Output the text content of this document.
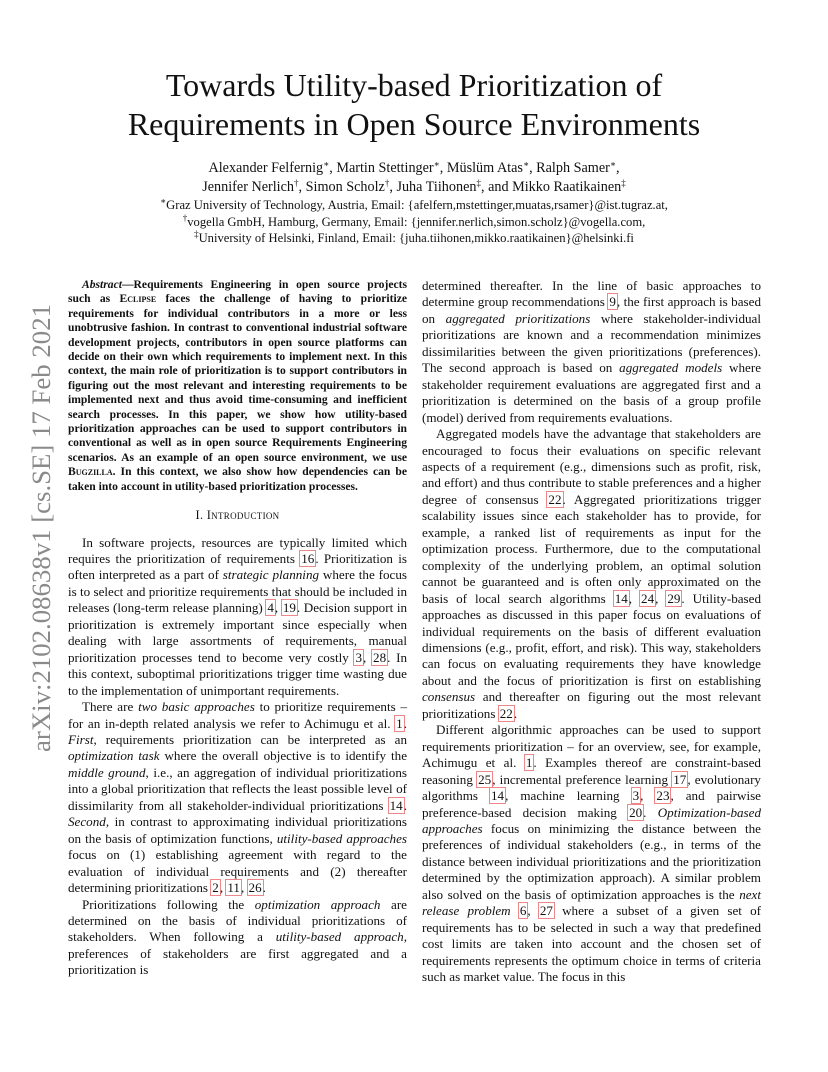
arXiv:2102.08638v1 [cs.SE] 17 Feb 2021
Towards Utility-based Prioritization of
Requirements in Open Source Environments
Alexander Felfernig∗, Martin Stettinger∗, Müslüm Atas∗, Ralph Samer∗,
Jennifer Nerlich†, Simon Scholz†, Juha Tiihonen‡, and Mikko Raatikainen‡
∗Graz University of Technology, Austria, Email: {afelfern,mstettinger,muatas,rsamer}@ist.tugraz.at,
†vogella GmbH, Hamburg, Germany, Email: {jennifer.nerlich,simon.scholz}@vogella.com,
‡University of Helsinki, Finland, Email: {juha.tiihonen,mikko.raatikainen}@helsinki.fi

Abstract—Requirements Engineering in open source projects such as Eclipse faces the challenge of having to prioritize requirements for individual contributors in a more or less unobtrusive fashion. In contrast to conventional industrial software development projects, contributors in open source platforms can decide on their own which requirements to implement next. In this context, the main role of prioritization is to support contributors in figuring out the most relevant and interesting requirements to be implemented next and thus avoid time-consuming and inefficient search processes. In this paper, we show how utility-based prioritization approaches can be used to support contributors in conventional as well as in open source Requirements Engineering scenarios. As an example of an open source environment, we use Bugzilla. In this context, we also show how dependencies can be taken into account in utility-based prioritization processes.

I. Introduction

In software projects, resources are typically limited which requires the prioritization of requirements 16. Prioritization is often interpreted as a part of strategic planning where the focus is to select and prioritize requirements that should be included in releases (long-term release planning) 4, 19. Decision support in prioritization is extremely important since especially when dealing with large assortments of requirements, manual prioritization processes tend to become very costly 3, 28. In this context, suboptimal prioritizations trigger time wasting due to the implementation of unimportant requirements.

There are two basic approaches to prioritize requirements – for an in-depth related analysis we refer to Achimugu et al. 1. First, requirements prioritization can be interpreted as an optimization task where the overall objective is to identify the middle ground, i.e., an aggregation of individual prioritizations into a global prioritization that reflects the least possible level of dissimilarity from all stakeholder-individual prioritizations 14. Second, in contrast to approximating individual prioritizations on the basis of optimization functions, utility-based approaches focus on (1) establishing agreement with regard to the evaluation of individual requirements and (2) thereafter determining prioritizations 2, 11, 26.

Prioritizations following the optimization approach are determined on the basis of individual prioritizations of stakeholders. When following a utility-based approach, preferences of stakeholders are first aggregated and a prioritization is

determined thereafter. In the line of basic approaches to determine group recommendations 9, the first approach is based on aggregated prioritizations where stakeholder-individual prioritizations are known and a recommendation minimizes dissimilarities between the given prioritizations (preferences). The second approach is based on aggregated models where stakeholder requirement evaluations are aggregated first and a prioritization is determined on the basis of a group profile (model) derived from requirements evaluations.

Aggregated models have the advantage that stakeholders are encouraged to focus their evaluations on specific relevant aspects of a requirement (e.g., dimensions such as profit, risk, and effort) and thus contribute to stable preferences and a higher degree of consensus 22. Aggregated prioritizations trigger scalability issues since each stakeholder has to provide, for example, a ranked list of requirements as input for the optimization process. Furthermore, due to the computational complexity of the underlying problem, an optimal solution cannot be guaranteed and is often only approximated on the basis of local search algorithms 14, 24, 29. Utility-based approaches as discussed in this paper focus on evaluations of individual requirements on the basis of different evaluation dimensions (e.g., profit, effort, and risk). This way, stakeholders can focus on evaluating requirements they have knowledge about and the focus of prioritization is first on establishing consensus and thereafter on figuring out the most relevant prioritizations 22.

Different algorithmic approaches can be used to support requirements prioritization – for an overview, see, for example, Achimugu et al. 1. Examples thereof are constraint-based reasoning 25, incremental preference learning 17, evolutionary algorithms 14, machine learning 3, 23, and pairwise preference-based decision making 20. Optimization-based approaches focus on minimizing the distance between the preferences of individual stakeholders (e.g., in terms of the distance between individual prioritizations and the prioritization determined by the optimization approach). A similar problem also solved on the basis of optimization approaches is the next release problem 6, 27 where a subset of a given set of requirements has to be selected in such a way that predefined cost limits are taken into account and the chosen set of requirements represents the optimum choice in terms of criteria such as market value. The focus in this
